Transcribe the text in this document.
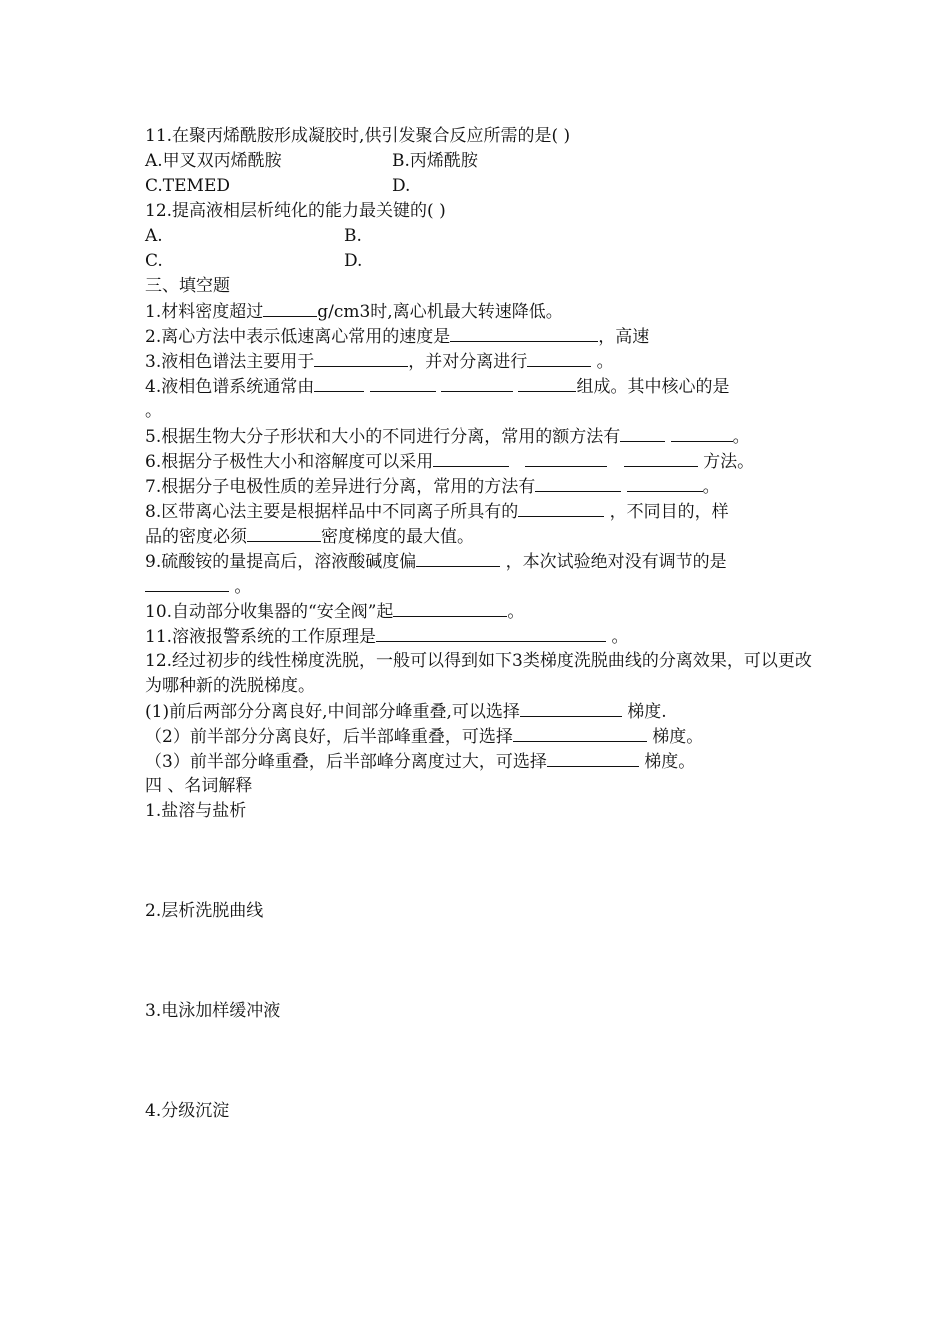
11.在聚丙烯酰胺形成凝胶时,供引发聚合反应所需的是( )
A.甲叉双丙烯酰胺	B.丙烯酰胺
C.TEMED	D.
12.提高液相层析纯化的能力最关键的( )
A.	B.
C.	D.
三、填空题
1.材料密度超过	g/cm3时,离心机最大转速降低。
2.离心方法中表示低速离心常用的速度是	，高速
3.液相色谱法主要用于	，并对分离进行	。
4.液相色谱系统通常由	组成。其中核心的是
。
5.根据生物大分子形状和大小的不同进行分离，常用的额方法有	。
6.根据分子极性大小和溶解度可以采用	方法。
7.根据分子电极性质的差异进行分离，常用的方法有	。
8.区带离心法主要是根据样品中不同离子所具有的	，不同目的，样
品的密度必须	密度梯度的最大值。
9.硫酸铵的量提高后，溶液酸碱度偏	，本次试验绝对没有调节的是
。
10.自动部分收集器的“安全阀”起	。
11.溶液报警系统的工作原理是	。
12.经过初步的线性梯度洗脱，一般可以得到如下3类梯度洗脱曲线的分离效果，可以更改为哪种新的洗脱梯度。
(1)前后两部分分离良好,中间部分峰重叠,可以选择	梯度.
（2）前半部分分离良好，后半部峰重叠，可选择	梯度。
（3）前半部分峰重叠，后半部峰分离度过大，可选择	梯度。
四 、名词解释
1.盐溶与盐析
2.层析洗脱曲线
3.电泳加样缓冲液
4.分级沉淀
